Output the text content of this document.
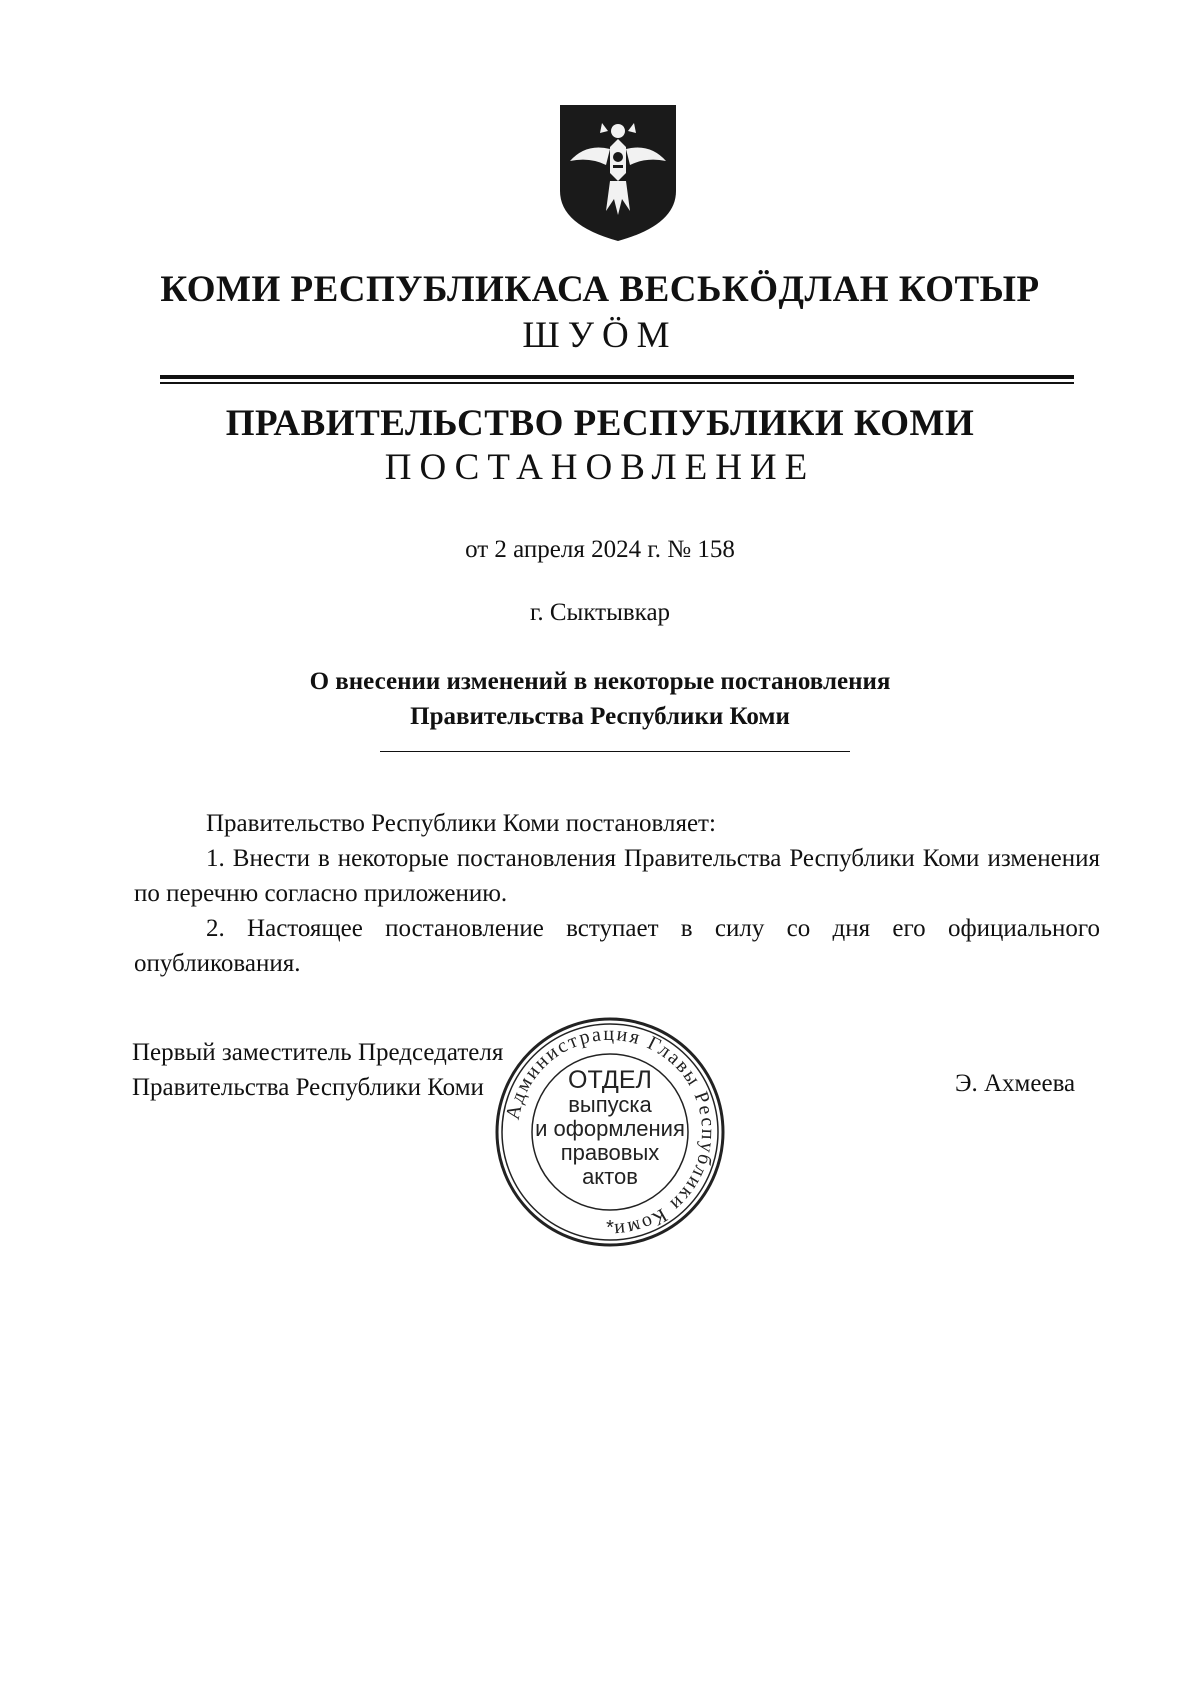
КОМИ РЕСПУБЛИКАСА ВЕСЬКӦДЛАН КОТЫР
ШУӦМ
ПРАВИТЕЛЬСТВО РЕСПУБЛИКИ КОМИ
ПОСТАНОВЛЕНИЕ
от 2 апреля 2024 г. № 158
г. Сыктывкар
О внесении изменений в некоторые постановления
Правительства Республики Коми

Правительство Республики Коми постановляет:

1. Внести в некоторые постановления Правительства Республики Коми изменения по перечню согласно приложению.

2. Настоящее постановление вступает в силу со дня его официального опубликования.

Первый заместитель Председателя
Правительства Республики Коми	Э. Ахмеева
Администрация Главы Республики Коми
ОТДЕЛ
выпуска
и оформления
правовых
актов
*
